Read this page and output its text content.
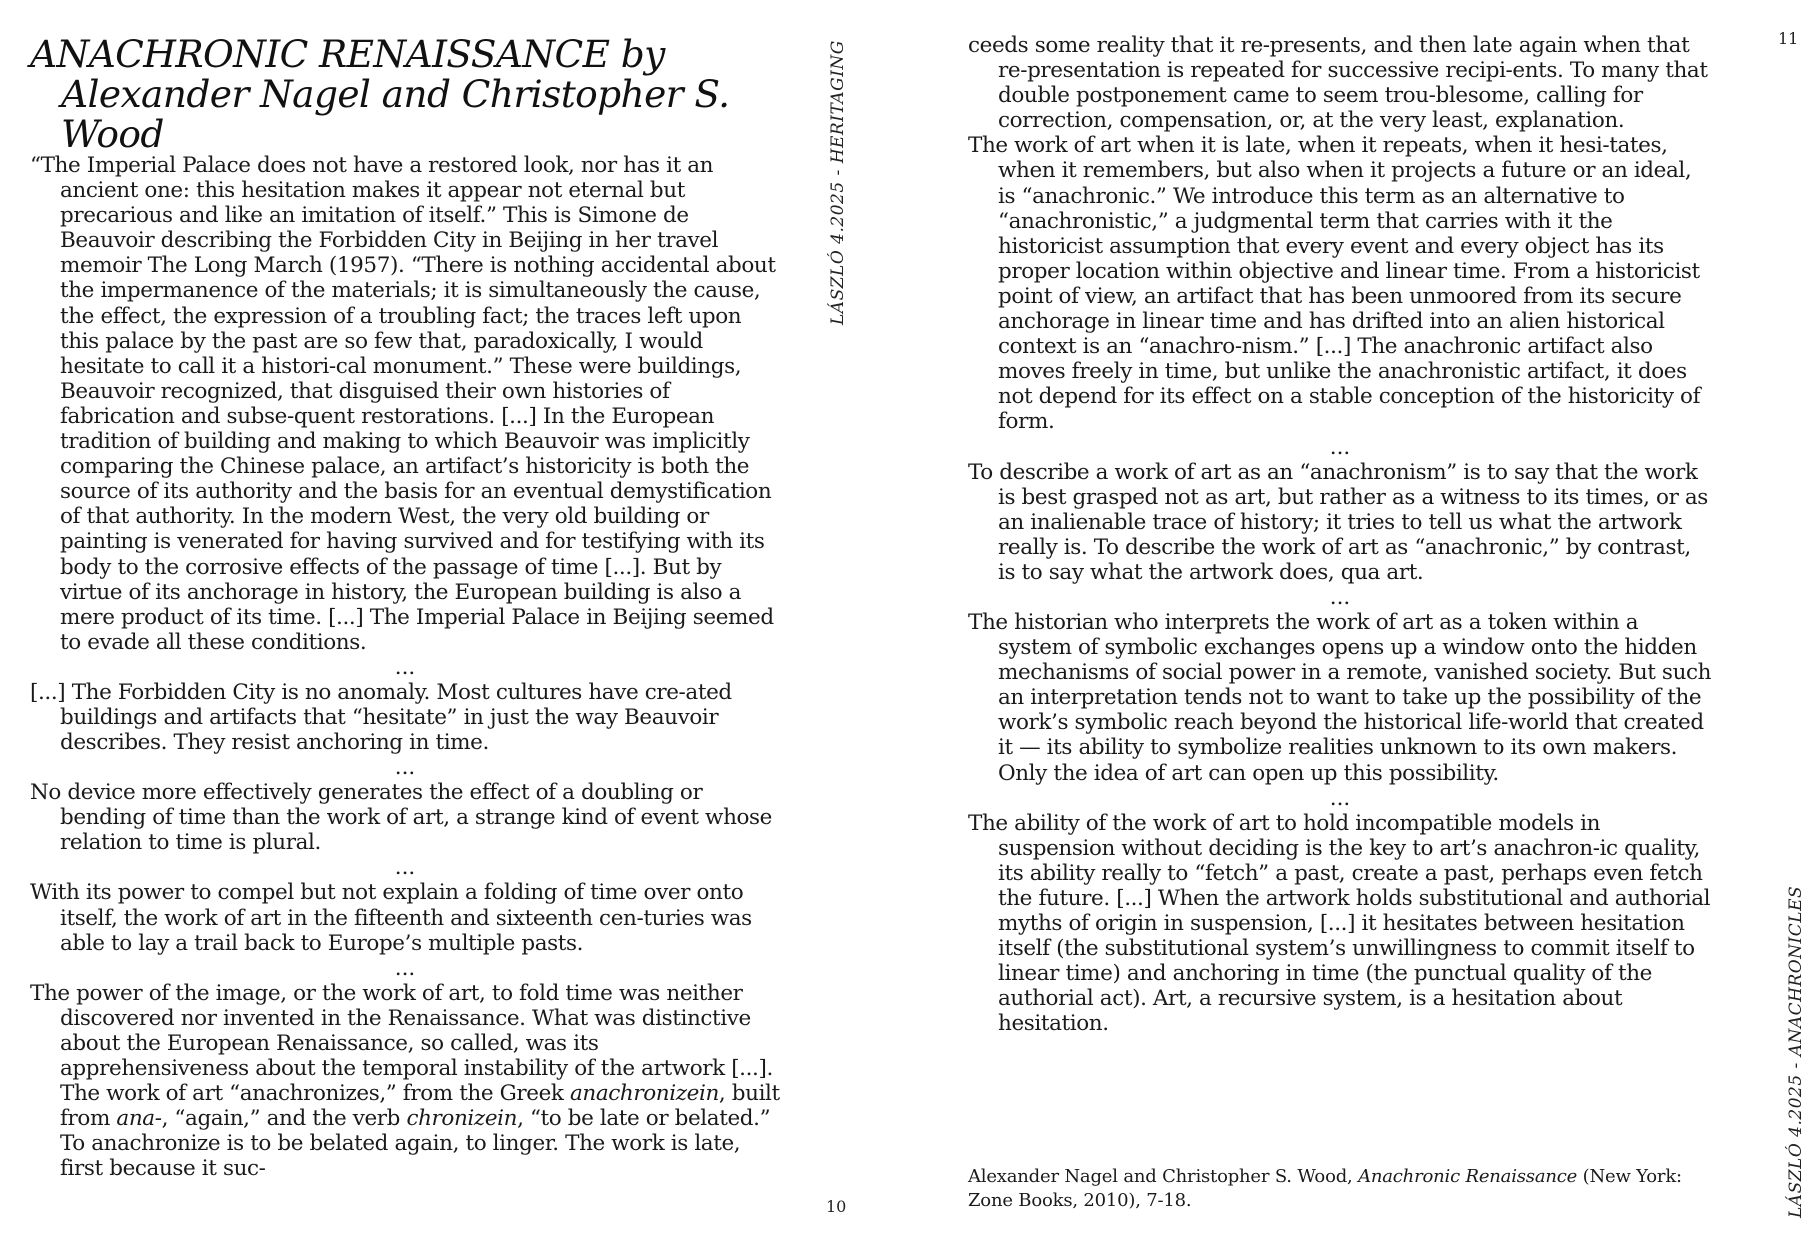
ANACHRONIC RENAISSANCE by Alexander Nagel and Christopher S. Wood

“The Imperial Palace does not have a restored look, nor has it an ancient one: this hesitation makes it appear not eternal but precarious and like an imitation of itself.” This is Simone de Beauvoir describing the Forbidden City in Beijing in her travel memoir The Long March (1957). “There is nothing accidental about the impermanence of the materials; it is simultaneously the cause, the effect, the expression of a troubling fact; the traces left upon this palace by the past are so few that, paradoxically, I would hesitate to call it a histori-cal monument.” These were buildings, Beauvoir recognized, that disguised their own histories of fabrication and subse-quent restorations. [...] In the European tradition of building and making to which Beauvoir was implicitly comparing the Chinese palace, an artifact’s historicity is both the source of its authority and the basis for an eventual demystification of that authority. In the modern West, the very old building or painting is venerated for having survived and for testifying with its body to the corrosive effects of the passage of time [...]. But by virtue of its anchorage in history, the European building is also a mere product of its time. [...] The Imperial Palace in Beijing seemed to evade all these conditions.

...

[...] The Forbidden City is no anomaly. Most cultures have cre-ated buildings and artifacts that “hesitate” in just the way Beauvoir describes. They resist anchoring in time.

...

No device more effectively generates the effect of a doubling or bending of time than the work of art, a strange kind of event whose relation to time is plural.

...

With its power to compel but not explain a folding of time over onto itself, the work of art in the fifteenth and sixteenth cen-turies was able to lay a trail back to Europe’s multiple pasts.

...

The power of the image, or the work of art, to fold time was neither discovered nor invented in the Renaissance. What was distinctive about the European Renaissance, so called, was its apprehensiveness about the temporal instability of the artwork [...]. The work of art “anachronizes,” from the Greek anachronizein, built from ana-, “again,” and the verb chronizein, “to be late or belated.” To anachronize is to be belated again, to linger. The work is late, first because it suc-

LÁSZLÓ 4.2025 - HERITAGING
10
11

ceeds some reality that it re-presents, and then late again when that re-presentation is repeated for successive recipi-ents. To many that double postponement came to seem trou-blesome, calling for correction, compensation, or, at the very least, explanation.

The work of art when it is late, when it repeats, when it hesi-tates, when it remembers, but also when it projects a future or an ideal, is “anachronic.” We introduce this term as an alternative to “anachronistic,” a judgmental term that carries with it the historicist assumption that every event and every object has its proper location within objective and linear time. From a historicist point of view, an artifact that has been unmoored from its secure anchorage in linear time and has drifted into an alien historical context is an “anachro-nism.” [...] The anachronic artifact also moves freely in time, but unlike the anachronistic artifact, it does not depend for its effect on a stable conception of the historicity of form.

...

To describe a work of art as an “anachronism” is to say that the work is best grasped not as art, but rather as a witness to its times, or as an inalienable trace of history; it tries to tell us what the artwork really is. To describe the work of art as “anachronic,” by contrast, is to say what the artwork does, qua art.

...

The historian who interprets the work of art as a token within a system of symbolic exchanges opens up a window onto the hidden mechanisms of social power in a remote, vanished society. But such an interpretation tends not to want to take up the possibility of the work’s symbolic reach beyond the historical life-world that created it — its ability to symbolize realities unknown to its own makers. Only the idea of art can open up this possibility.

...

The ability of the work of art to hold incompatible models in suspension without deciding is the key to art’s anachron-ic quality, its ability really to “fetch” a past, create a past, perhaps even fetch the future. [...] When the artwork holds substitutional and authorial myths of origin in suspension, [...] it hesitates between hesitation itself (the substitutional system’s unwillingness to commit itself to linear time) and anchoring in time (the punctual quality of the authorial act). Art, a recursive system, is a hesitation about hesitation.

Alexander Nagel and Christopher S. Wood, Anachronic Renaissance (New York: Zone Books, 2010), 7-18.	LÁSZLÓ 4.2025 - ANACHRONICLES
